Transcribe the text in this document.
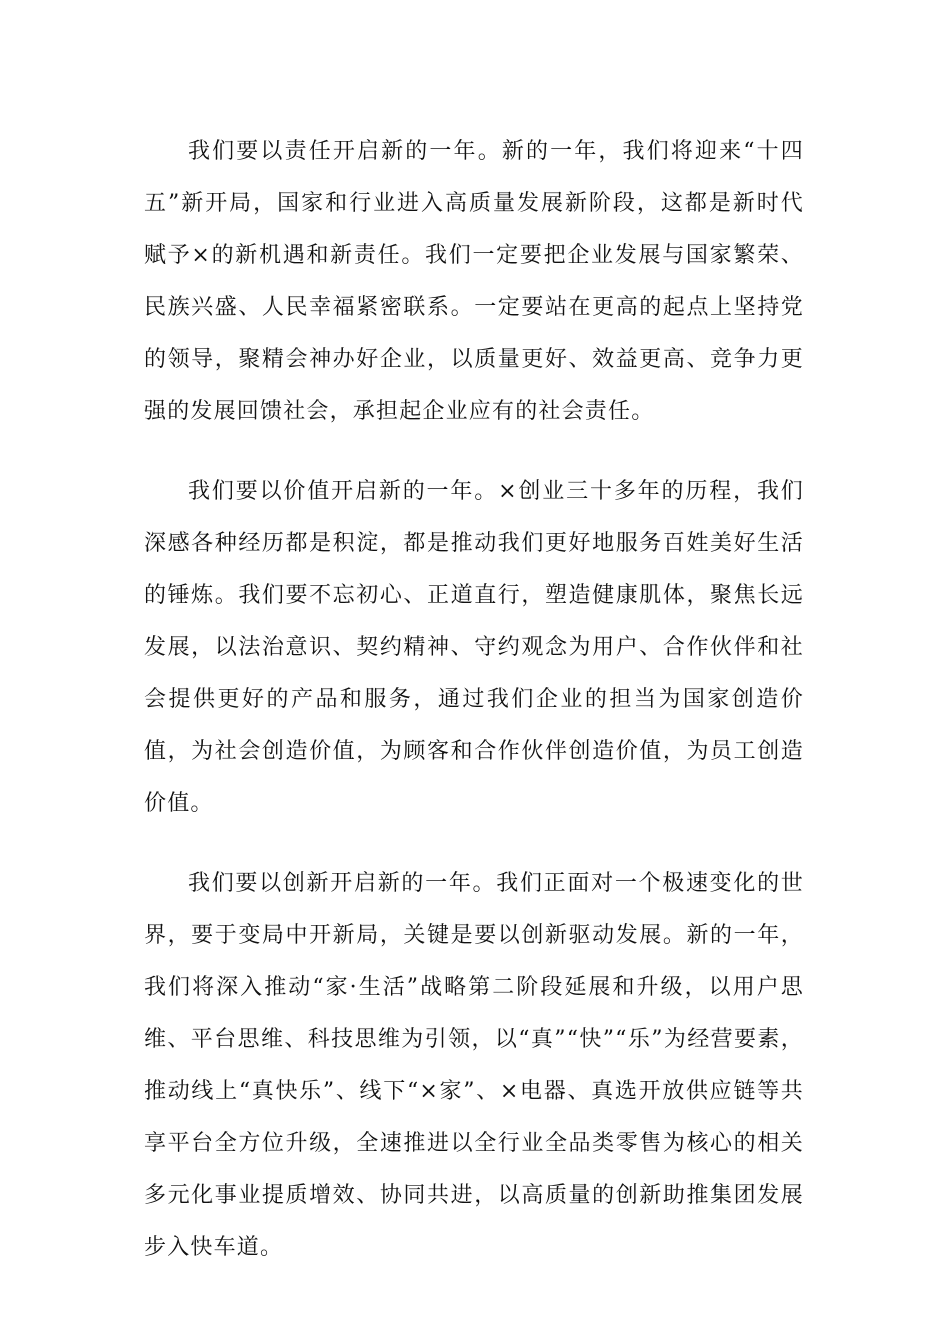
我们要以责任开启新的一年。新的一年，我们将迎来“十四五”新开局，国家和行业进入高质量发展新阶段，这都是新时代赋予×的新机遇和新责任。我们一定要把企业发展与国家繁荣、民族兴盛、人民幸福紧密联系。一定要站在更高的起点上坚持党的领导，聚精会神办好企业，以质量更好、效益更高、竞争力更强的发展回馈社会，承担起企业应有的社会责任。

我们要以价值开启新的一年。×创业三十多年的历程，我们深感各种经历都是积淀，都是推动我们更好地服务百姓美好生活的锤炼。我们要不忘初心、正道直行，塑造健康肌体，聚焦长远发展，以法治意识、契约精神、守约观念为用户、合作伙伴和社会提供更好的产品和服务，通过我们企业的担当为国家创造价值，为社会创造价值，为顾客和合作伙伴创造价值，为员工创造价值。

我们要以创新开启新的一年。我们正面对一个极速变化的世界，要于变局中开新局，关键是要以创新驱动发展。新的一年，我们将深入推动“家·生活”战略第二阶段延展和升级，以用户思维、平台思维、科技思维为引领，以“真”“快”“乐”为经营要素，推动线上“真快乐”、线下“×家”、×电器、真选开放供应链等共享平台全方位升级，全速推进以全行业全品类零售为核心的相关多元化事业提质增效、协同共进，以高质量的创新助推集团发展步入快车道。
